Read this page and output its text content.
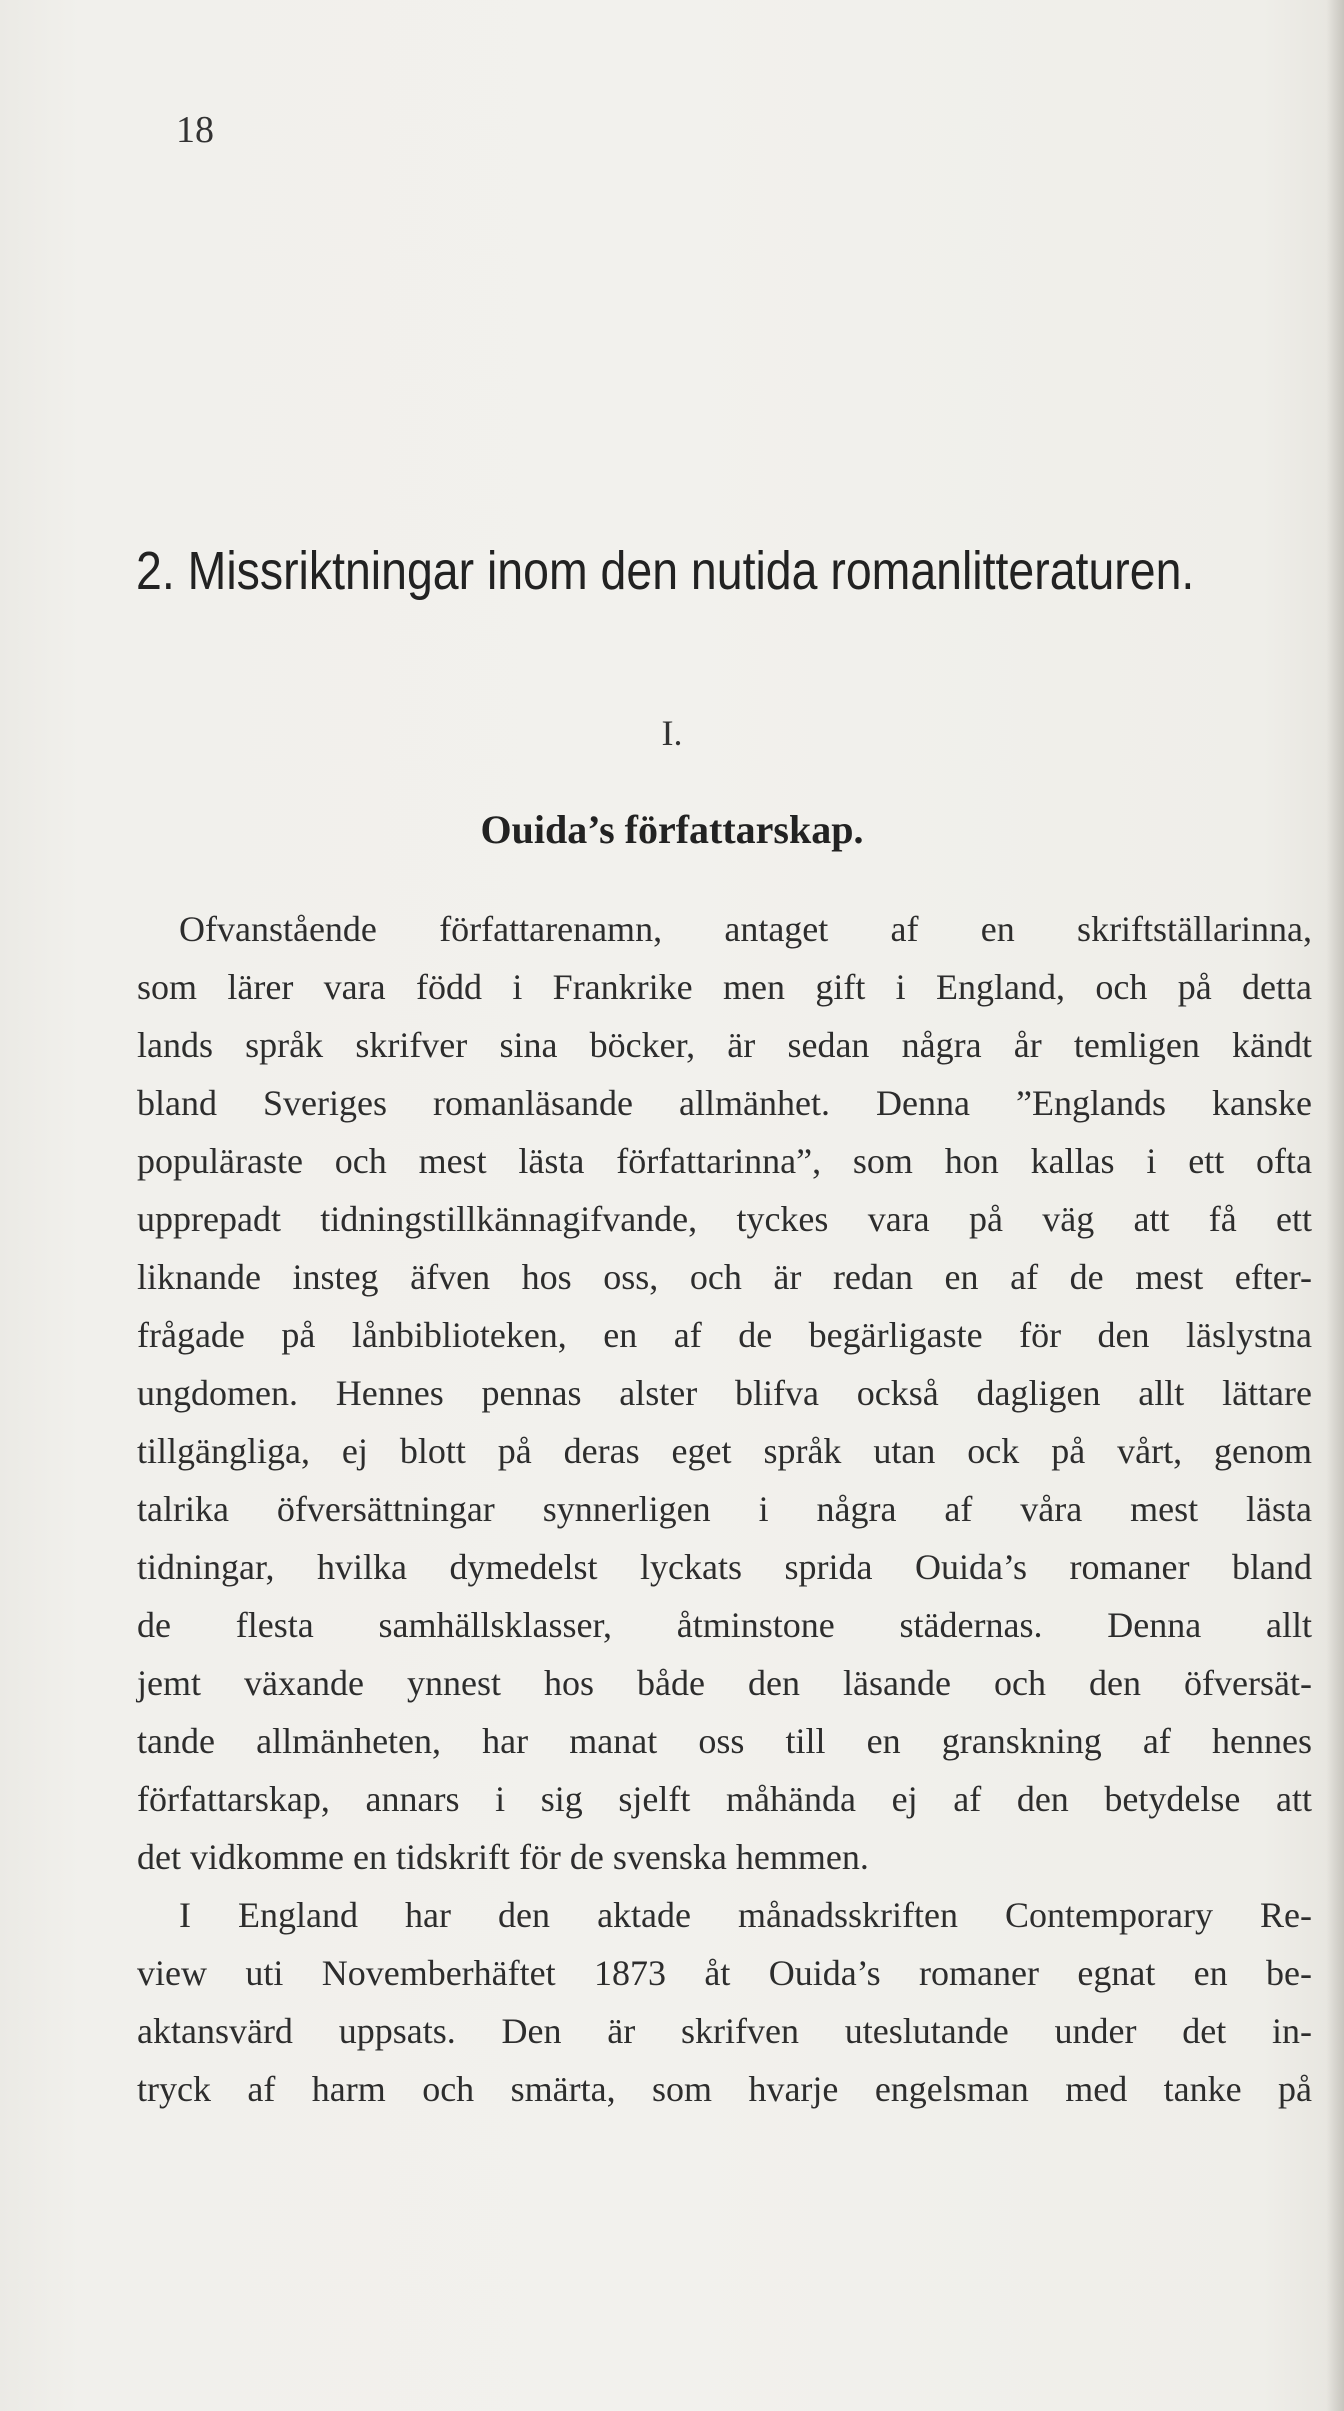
18
2. Missriktningar inom den nutida romanlitteraturen.
I.
Ouida’s författarskap.
Ofvanstående författarenamn, antaget af en skriftställarinna,
som lärer vara född i Frankrike men gift i England, och på detta
lands språk skrifver sina böcker, är sedan några år temligen kändt
bland Sveriges romanläsande allmänhet. Denna ”Englands kanske
populäraste och mest lästa författarinna”, som hon kallas i ett ofta
upprepadt tidningstillkännagifvande, tyckes vara på väg att få ett
liknande insteg äfven hos oss, och är redan en af de mest efter-
frågade på lånbiblioteken, en af de begärligaste för den läslystna
ungdomen. Hennes pennas alster blifva också dagligen allt lättare
tillgängliga, ej blott på deras eget språk utan ock på vårt, genom
talrika öfversättningar synnerligen i några af våra mest lästa
tidningar, hvilka dymedelst lyckats sprida Ouida’s romaner bland
de flesta samhällsklasser, åtminstone städernas. Denna allt
jemt växande ynnest hos både den läsande och den öfversät-
tande allmänheten, har manat oss till en granskning af hennes
författarskap, annars i sig sjelft måhända ej af den betydelse att
det vidkomme en tidskrift för de svenska hemmen.
I England har den aktade månadsskriften Contemporary Re-
view uti Novemberhäftet 1873 åt Ouida’s romaner egnat en be-
aktansvärd uppsats. Den är skrifven uteslutande under det in-
tryck af harm och smärta, som hvarje engelsman med tanke på
